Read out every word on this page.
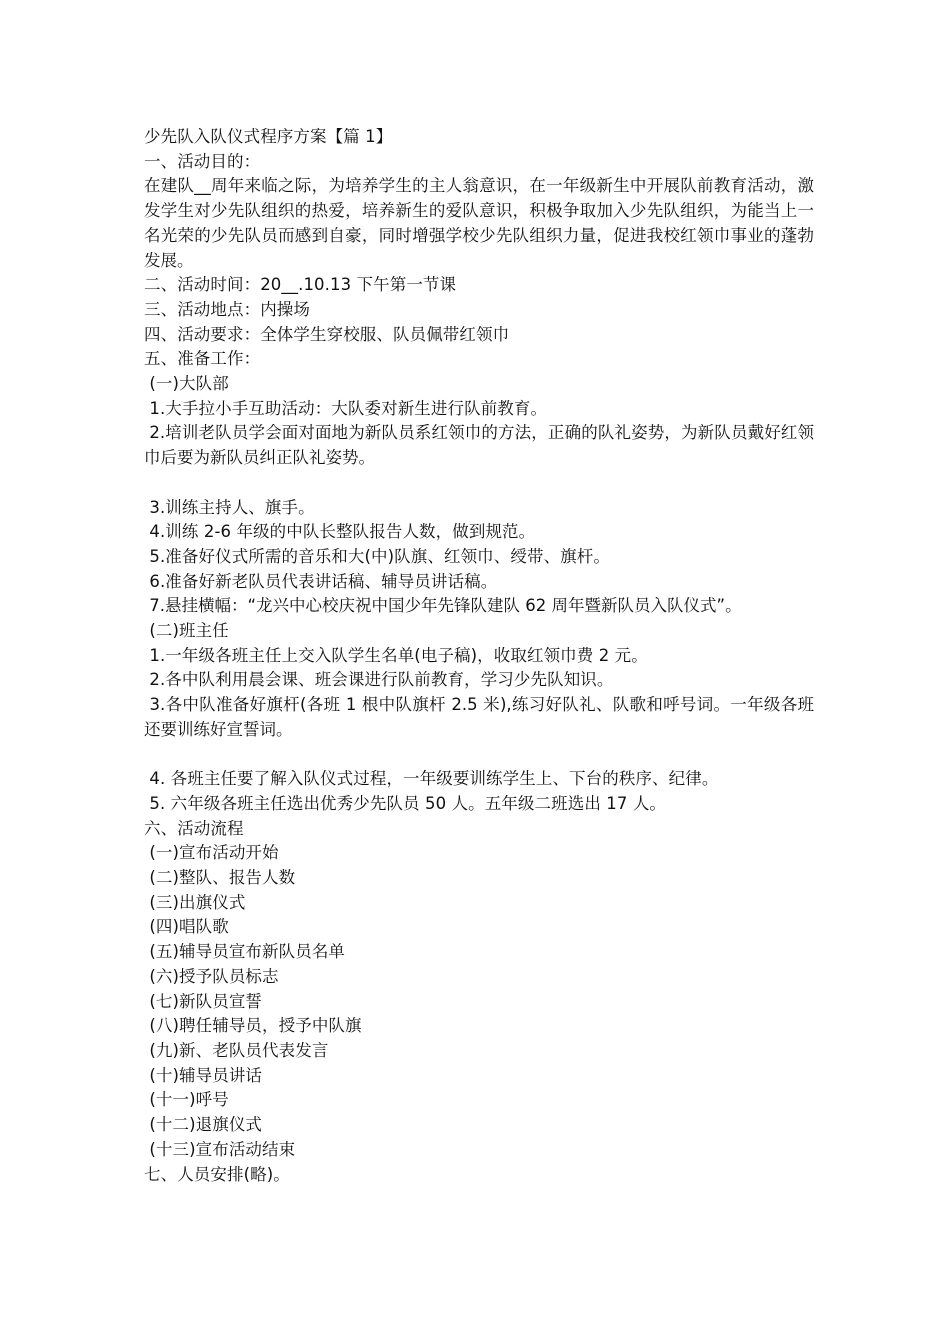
少先队入队仪式程序方案【篇 1】
一、活动目的：
在建队__周年来临之际，为培养学生的主人翁意识，在一年级新生中开展队前教育活动，激发学生对少先队组织的热爱，培养新生的爱队意识，积极争取加入少先队组织，为能当上一名光荣的少先队员而感到自豪，同时增强学校少先队组织力量，促进我校红领巾事业的蓬勃发展。
二、活动时间：20__.10.13 下午第一节课
三、活动地点：内操场
四、活动要求：全体学生穿校服、队员佩带红领巾
五、准备工作：
(一)大队部
1.大手拉小手互助活动：大队委对新生进行队前教育。
2.培训老队员学会面对面地为新队员系红领巾的方法，正确的队礼姿势，为新队员戴好红领巾后要为新队员纠正队礼姿势。
3.训练主持人、旗手。
4.训练 2-6 年级的中队长整队报告人数，做到规范。
5.准备好仪式所需的音乐和大(中)队旗、红领巾、绶带、旗杆。
6.准备好新老队员代表讲话稿、辅导员讲话稿。
7.悬挂横幅：“龙兴中心校庆祝中国少年先锋队建队 62 周年暨新队员入队仪式”。
(二)班主任
1.一年级各班主任上交入队学生名单(电子稿)，收取红领巾费 2 元。
2.各中队利用晨会课、班会课进行队前教育，学习少先队知识。
3.各中队准备好旗杆(各班 1 根中队旗杆 2.5 米),练习好队礼、队歌和呼号词。一年级各班还要训练好宣誓词。
4. 各班主任要了解入队仪式过程，一年级要训练学生上、下台的秩序、纪律。
5. 六年级各班主任选出优秀少先队员 50 人。五年级二班选出 17 人。
六、活动流程
(一)宣布活动开始
(二)整队、报告人数
(三)出旗仪式
(四)唱队歌
(五)辅导员宣布新队员名单
(六)授予队员标志
(七)新队员宣誓
(八)聘任辅导员，授予中队旗
(九)新、老队员代表发言
(十)辅导员讲话
(十一)呼号
(十二)退旗仪式
(十三)宣布活动结束
七、人员安排(略)。
